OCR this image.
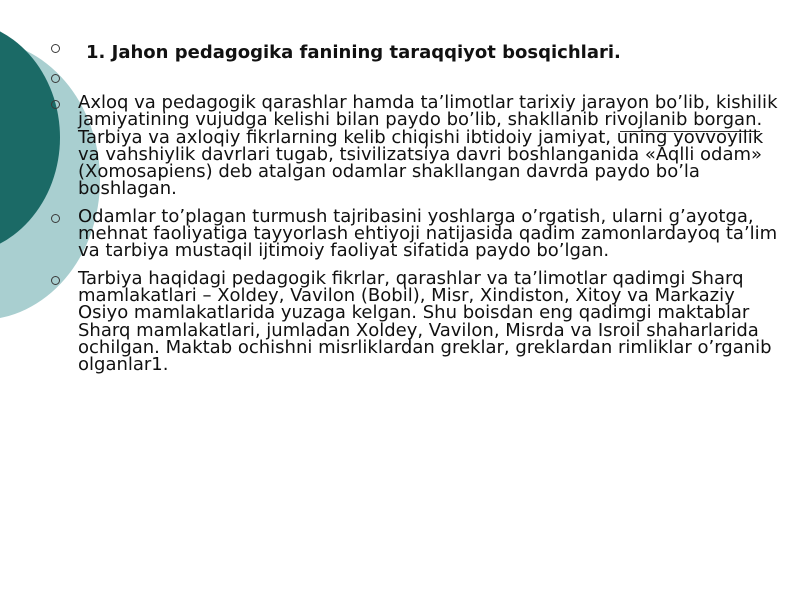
1. Jahon pedagogika fanining taraqqiyot bosqichlari.
Axloq va pedagogik qarashlar hamda ta’limotlar tarixiy jarayon bo’lib, kishilik jamiyatining vujudga kelishi bilan paydo bo’lib, shakllanib rivojlanib borgan. Tarbiya va axloqiy fikrlarning kelib chiqishi ibtidoiy jamiyat, uning yovvoyilik va vahshiylik davrlari tugab, tsivilizatsiya davri boshlanganida «Aqlli odam» (Xomosapiens) deb atalgan odamlar shakllangan davrda paydo bo’la boshlagan.
Odamlar to’plagan turmush tajribasini yoshlarga o’rgatish, ularni g’ayotga, mehnat faoliyatiga tayyorlash ehtiyoji natijasida qadim zamonlardayoq ta’lim va tarbiya mustaqil ijtimoiy faoliyat sifatida paydo bo’lgan.
Tarbiya haqidagi pedagogik fikrlar, qarashlar va ta’limotlar qadimgi Sharq mamlakatlari – Xoldey, Vavilon (Bobil), Misr, Xindiston, Xitoy va Markaziy Osiyo mamlakatlarida yuzaga kelgan. Shu boisdan eng qadimgi maktablar Sharq mamlakatlari, jumladan Xoldey, Vavilon, Misrda va Isroil shaharlarida ochilgan. Maktab ochishni misrliklardan greklar, greklardan rimliklar o’rganib olganlar1.
